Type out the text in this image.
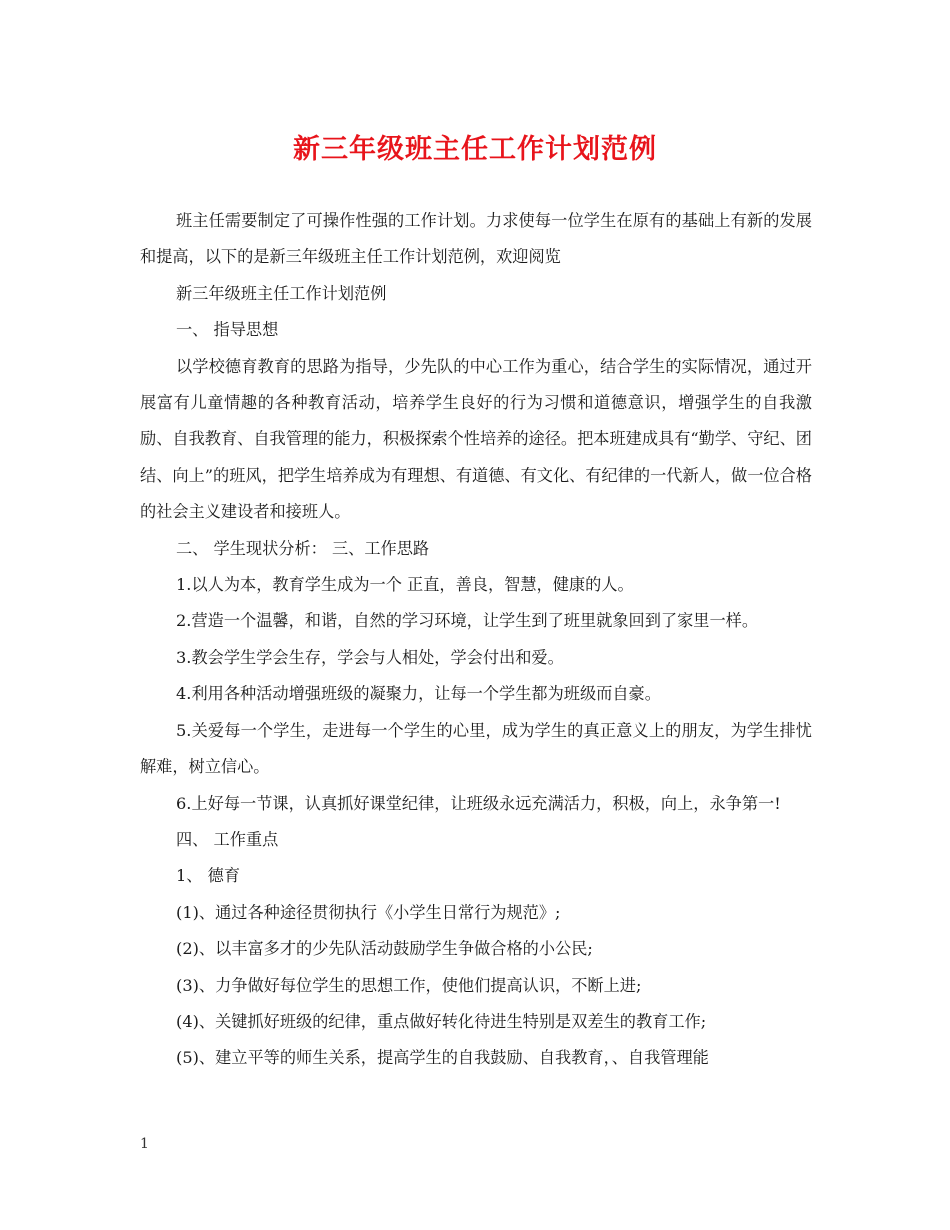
新三年级班主任工作计划范例

班主任需要制定了可操作性强的工作计划。力求使每一位学生在原有的基础上有新的发展和提高，以下的是新三年级班主任工作计划范例，欢迎阅览

新三年级班主任工作计划范例

一、 指导思想

以学校德育教育的思路为指导，少先队的中心工作为重心，结合学生的实际情况，通过开展富有儿童情趣的各种教育活动，培养学生良好的行为习惯和道德意识，增强学生的自我激励、自我教育、自我管理的能力，积极探索个性培养的途径。把本班建成具有“勤学、守纪、团结、向上”的班风，把学生培养成为有理想、有道德、有文化、有纪律的一代新人，做一位合格的社会主义建设者和接班人。

二、 学生现状分析： 三、工作思路

1.以人为本，教育学生成为一个 正直，善良，智慧，健康的人。

2.营造一个温馨，和谐，自然的学习环境，让学生到了班里就象回到了家里一样。

3.教会学生学会生存，学会与人相处，学会付出和爱。

4.利用各种活动增强班级的凝聚力，让每一个学生都为班级而自豪。

5.关爱每一个学生，走进每一个学生的心里，成为学生的真正意义上的朋友，为学生排忧解难，树立信心。

6.上好每一节课，认真抓好课堂纪律，让班级永远充满活力，积极，向上，永争第一!

四、 工作重点

1、 德育

(1)、通过各种途径贯彻执行《小学生日常行为规范》;

(2)、以丰富多才的少先队活动鼓励学生争做合格的小公民;

(3)、力争做好每位学生的思想工作，使他们提高认识，不断上进;

(4)、关键抓好班级的纪律，重点做好转化待进生特别是双差生的教育工作;

(5)、建立平等的师生关系，提高学生的自我鼓励、自我教育，、自我管理能

1
